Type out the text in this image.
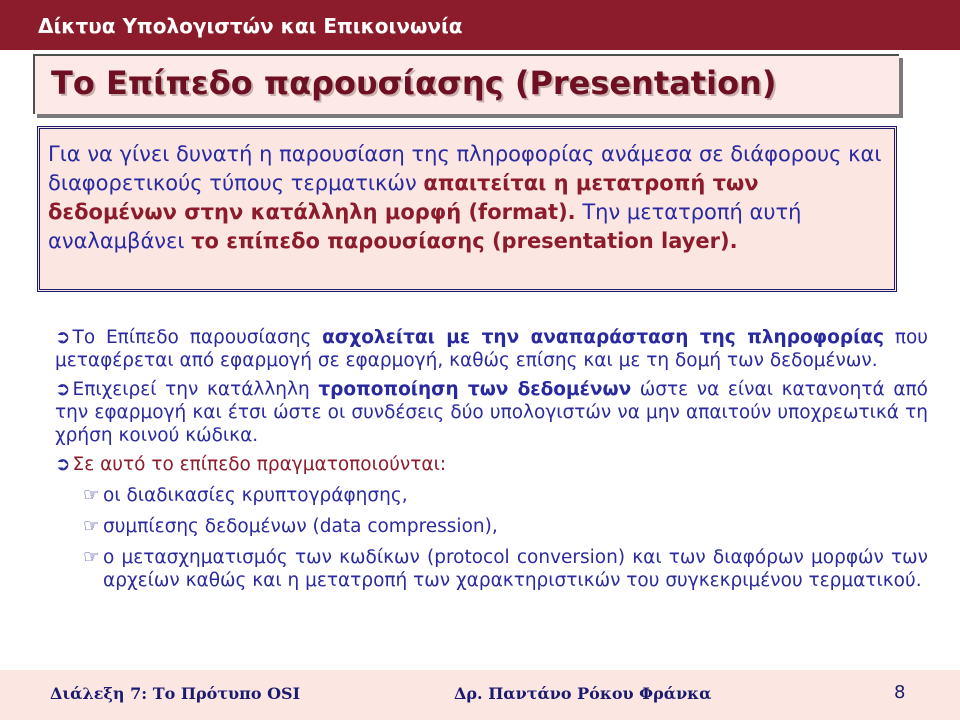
Δίκτυα Υπολογιστών και Επικοινωνία
Το Επίπεδο παρουσίασης (Presentation)
Για να γίνει δυνατή η παρουσίαση της πληροφορίας ανάμεσα σε διάφορους και διαφορετικούς τύπους τερματικών απαιτείται η μετατροπή των δεδομένων στην κατάλληλη μορφή (format). Την μετατροπή αυτή αναλαμβάνει το επίπεδο παρουσίασης (presentation layer).
➲ Το Επίπεδο παρουσίασης ασχολείται με την αναπαράσταση της πληροφορίας που μεταφέρεται από εφαρμογή σε εφαρμογή, καθώς επίσης και με τη δομή των δεδομένων.
➲ Επιχειρεί την κατάλληλη τροποποίηση των δεδομένων ώστε να είναι κατανοητά από την εφαρμογή και έτσι ώστε οι συνδέσεις δύο υπολογιστών να μην απαιτούν υποχρεωτικά τη χρήση κοινού κώδικα.
➲ Σε αυτό το επίπεδο πραγματοποιούνται:
☞ οι διαδικασίες κρυπτογράφησης,
☞ συμπίεσης δεδομένων (data compression),
☞ ο μετασχηματισμός των κωδίκων (protocol conversion) και των διαφόρων μορφών των αρχείων καθώς και η μετατροπή των χαρακτηριστικών του συγκεκριμένου τερματικού.
Διάλεξη 7: Το Πρότυπο OSI	Δρ. Παντάνο Ρόκου Φράνκα	8
